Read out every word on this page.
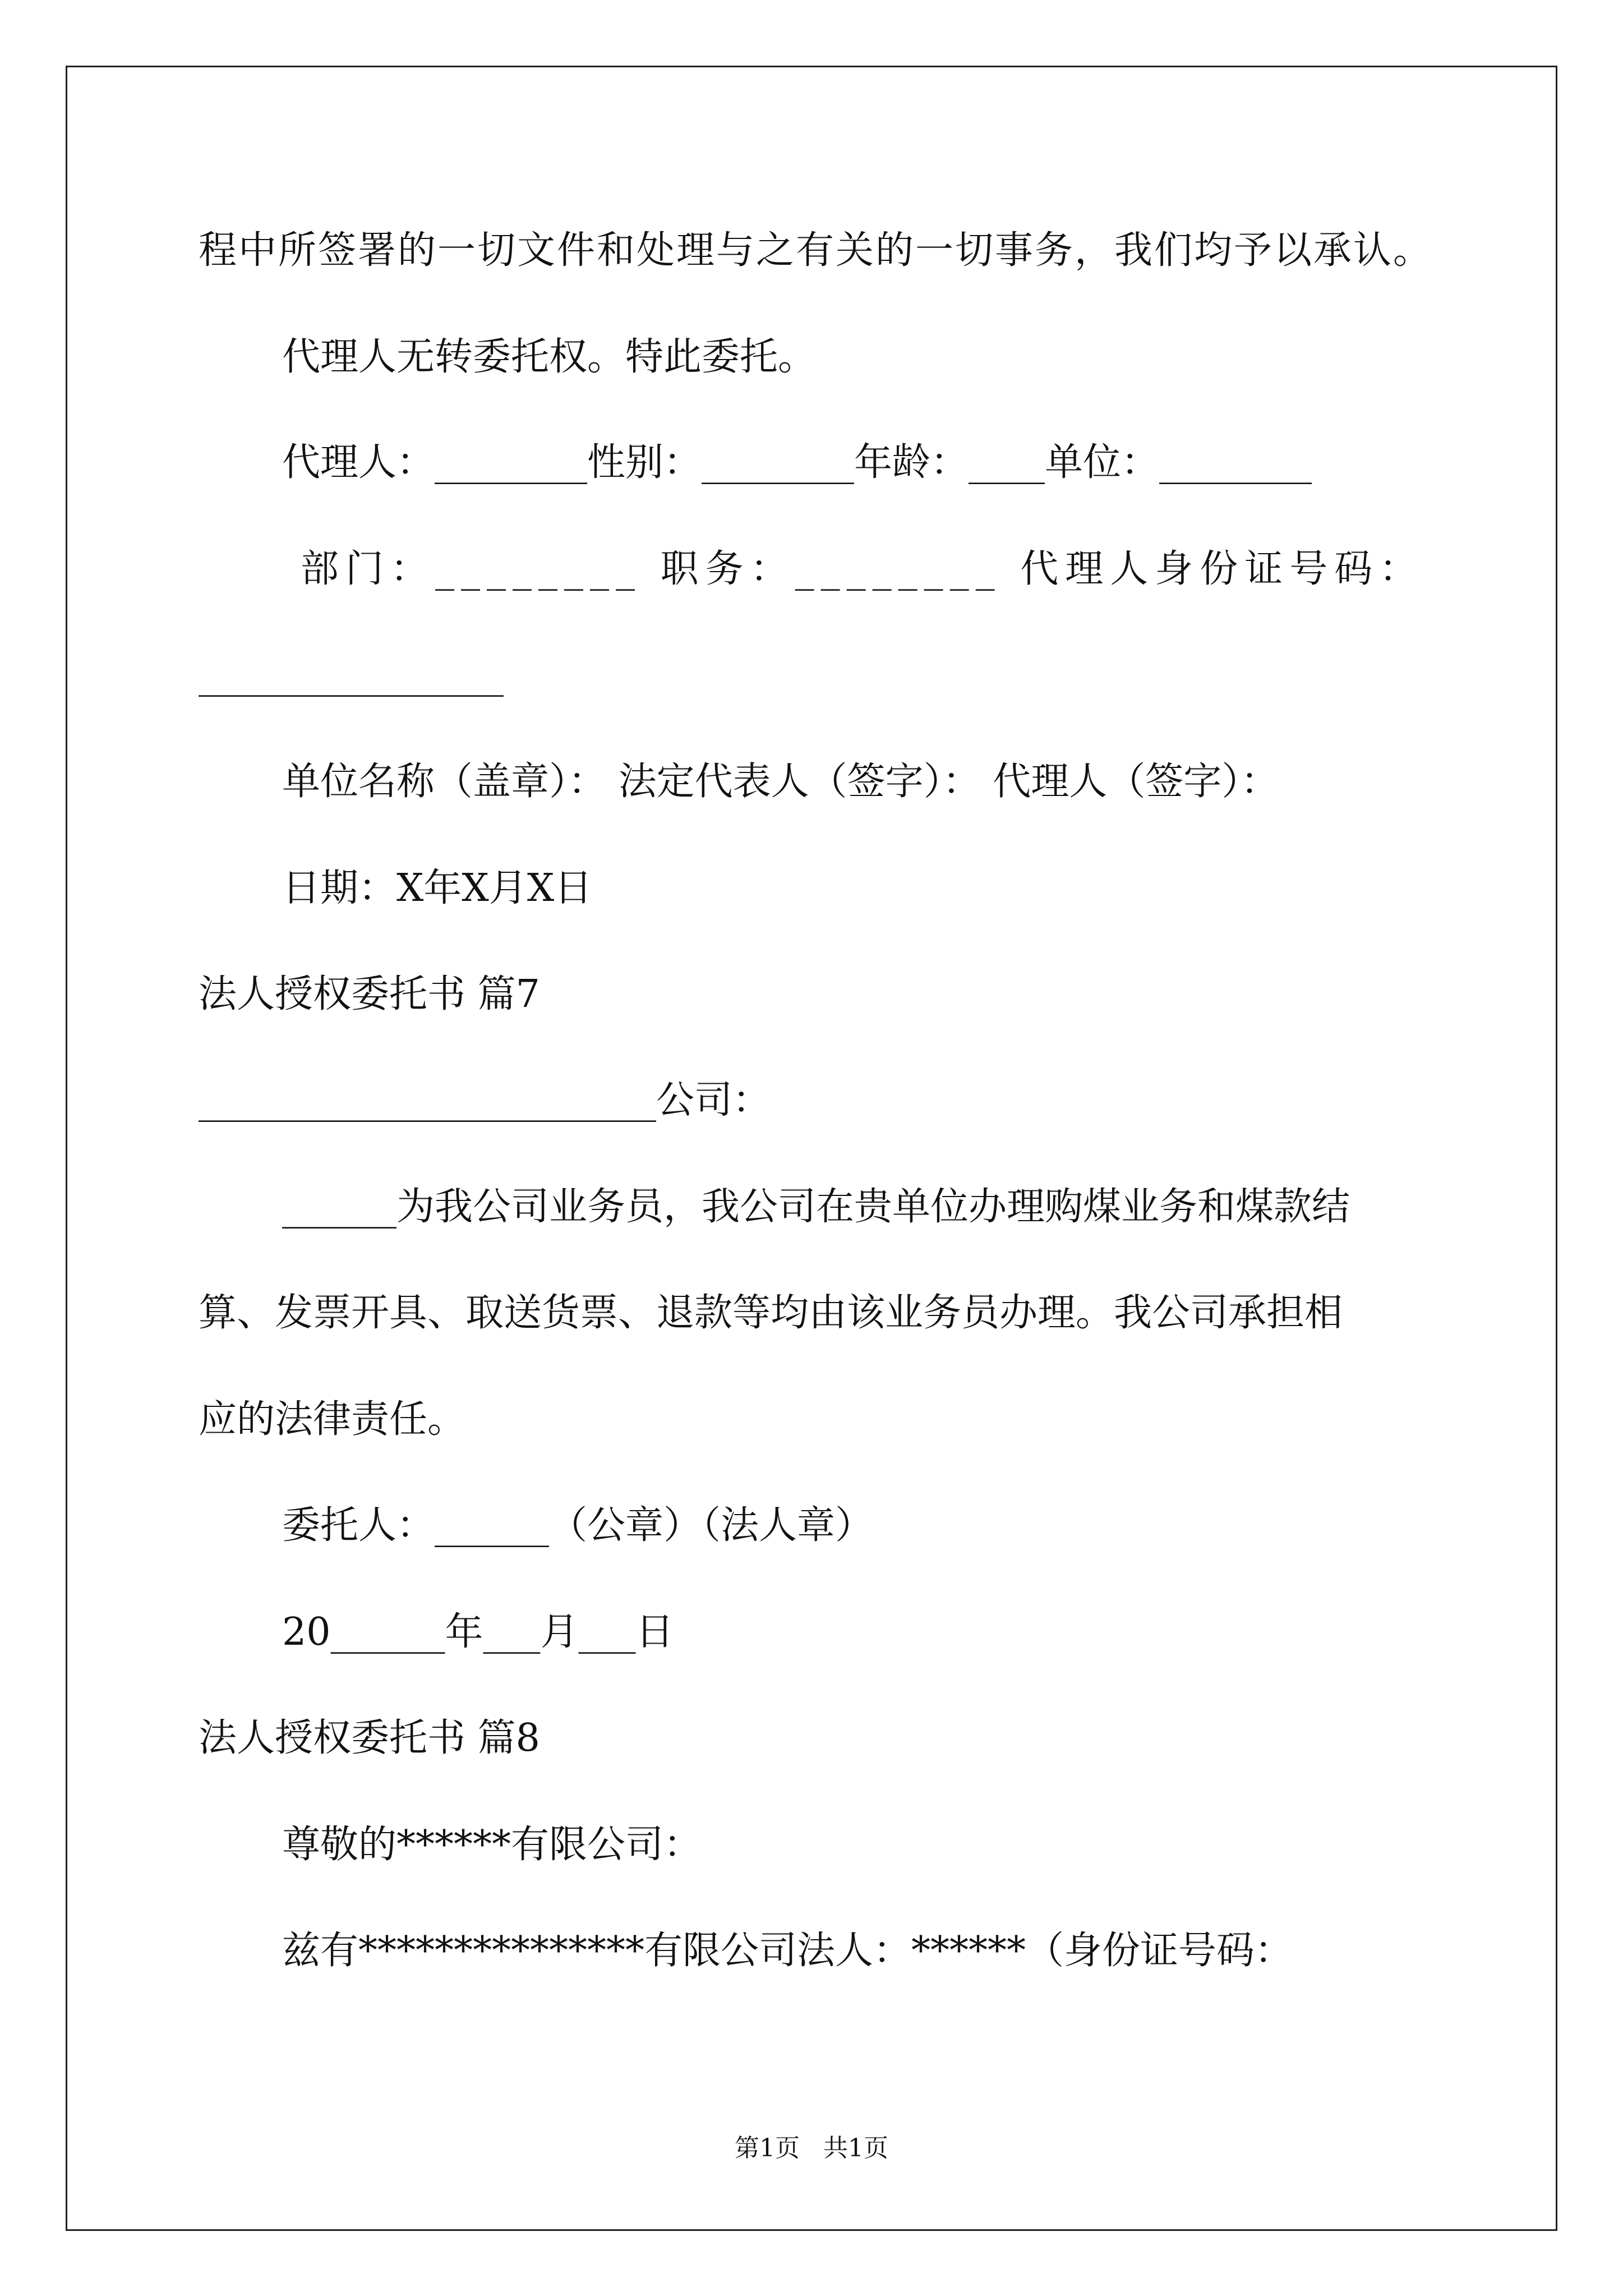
程中所签署的一切文件和处理与之有关的一切事务，我们均予以承认。
代理人无转委托权。特此委托。
代理人：________性别：________年龄：____单位：________
部门：________ 职务：________ 代理人身份证号码：
________________
单位名称（盖章）： 法定代表人（签字）： 代理人（签字）：
日期：X年X月X日
法人授权委托书 篇7
________________________公司：
______为我公司业务员，我公司在贵单位办理购煤业务和煤款结
算、发票开具、取送货票、退款等均由该业务员办理。我公司承担相
应的法律责任。
委托人：______（公章）（法人章）
20______年___月___日
法人授权委托书 篇8
尊敬的******有限公司：
兹有***************有限公司法人：******（身份证号码：
第1页   共1页
